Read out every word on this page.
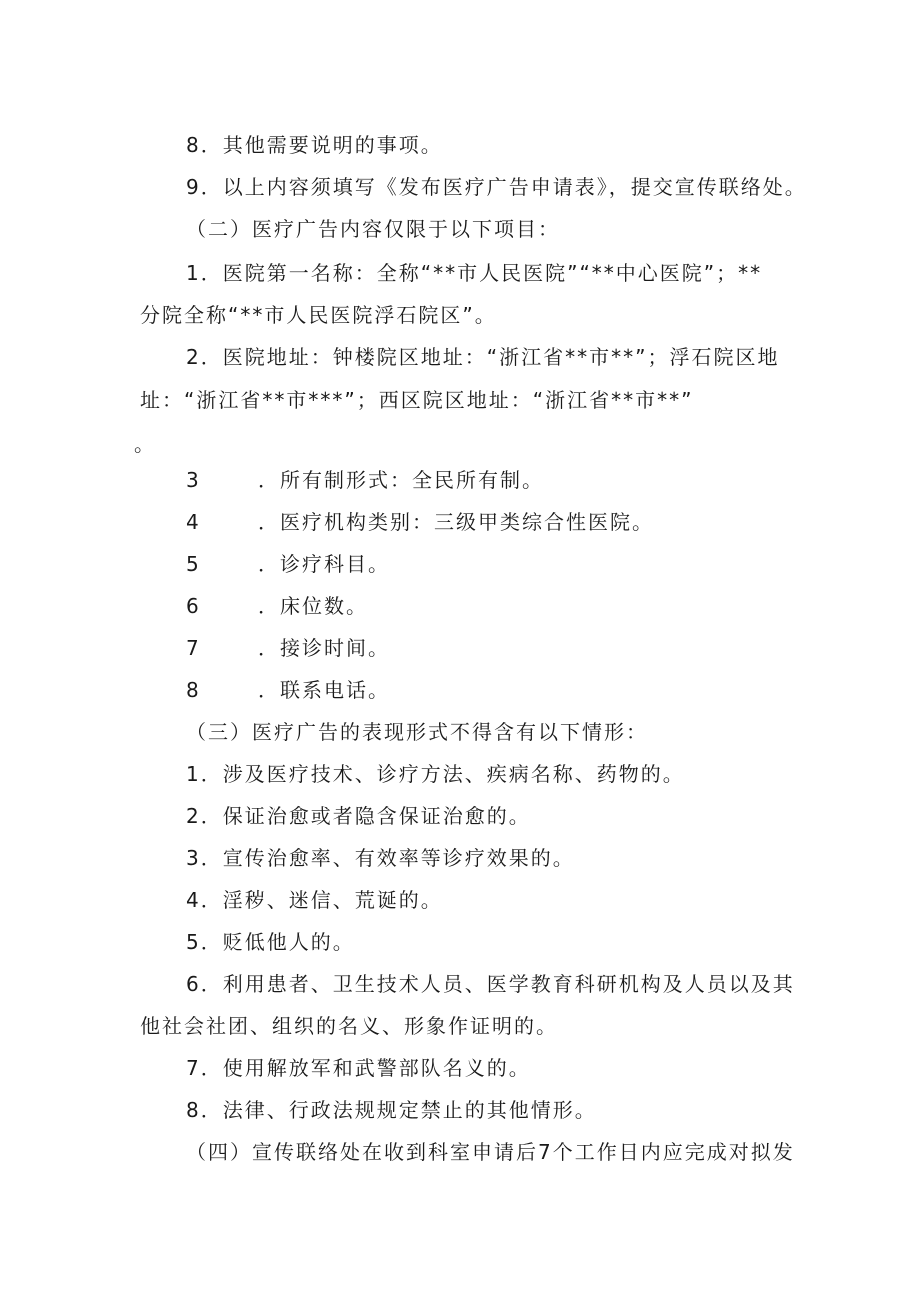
8．其他需要说明的事项。
9．以上内容须填写《发布医疗广告申请表》，提交宣传联络处。
（二）医疗广告内容仅限于以下项目：
1．医院第一名称：全称“**市人民医院”“**中心医院”；**
分院全称“**市人民医院浮石院区”。
2．医院地址：钟楼院区地址：“浙江省**市**”；浮石院区地
址：“浙江省**市***”；西区院区地址：“浙江省**市**”
。
3	．所有制形式：全民所有制。
4	．医疗机构类别：三级甲类综合性医院。
5	．诊疗科目。
6	．床位数。
7	．接诊时间。
8	．联系电话。
（三）医疗广告的表现形式不得含有以下情形：
1．涉及医疗技术、诊疗方法、疾病名称、药物的。
2．保证治愈或者隐含保证治愈的。
3．宣传治愈率、有效率等诊疗效果的。
4．淫秽、迷信、荒诞的。
5．贬低他人的。
6．利用患者、卫生技术人员、医学教育科研机构及人员以及其
他社会社团、组织的名义、形象作证明的。
7．使用解放军和武警部队名义的。
8．法律、行政法规规定禁止的其他情形。
（四）宣传联络处在收到科室申请后7个工作日内应完成对拟发
